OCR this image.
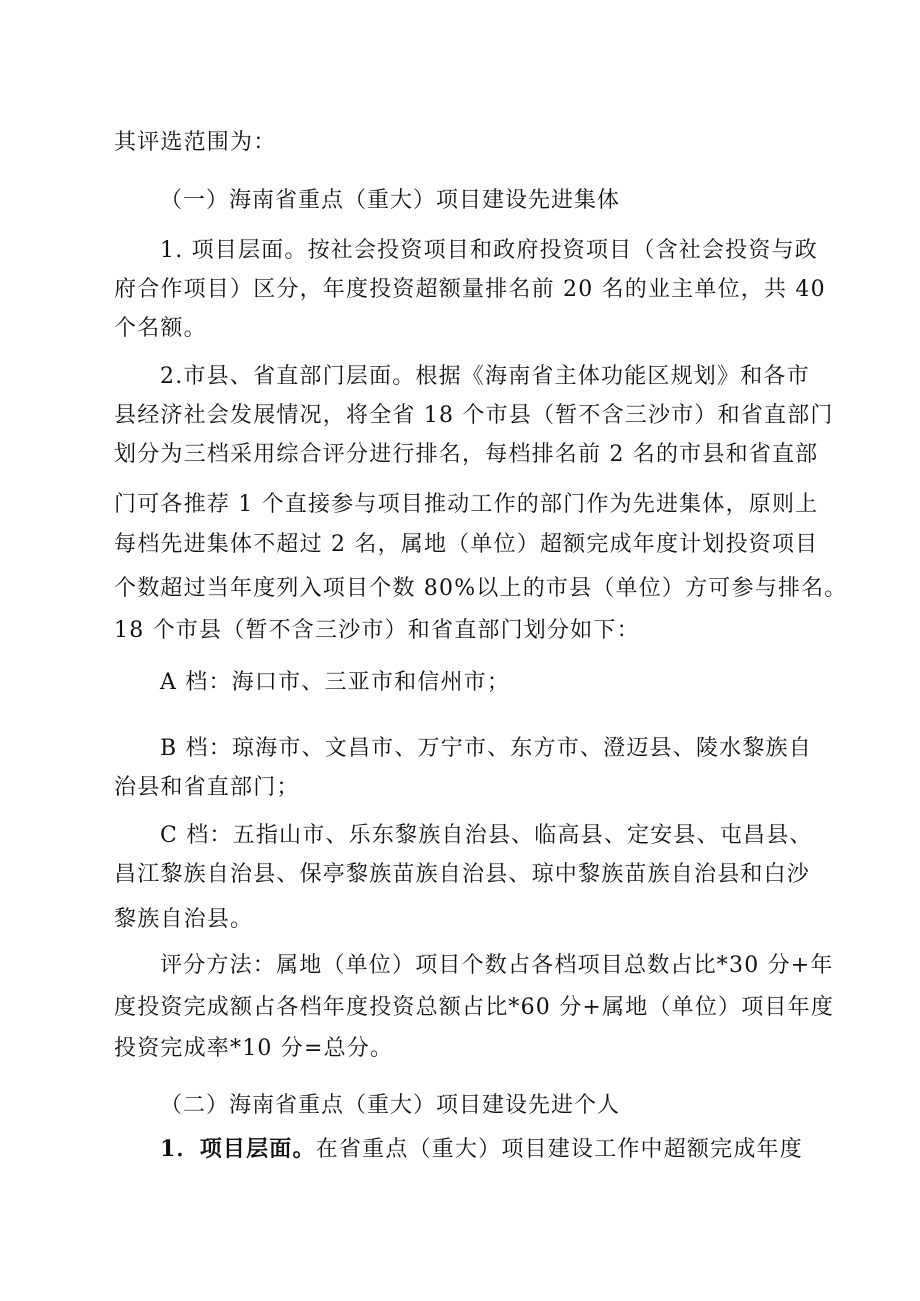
其评选范围为：
（一）海南省重点（重大）项目建设先进集体
1. 项目层面。按社会投资项目和政府投资项目（含社会投资与政
府合作项目）区分，年度投资超额量排名前 20 名的业主单位，共 40
个名额。
2.市县、省直部门层面。根据《海南省主体功能区规划》和各市
县经济社会发展情况，将全省 18 个市县（暂不含三沙市）和省直部门
划分为三档采用综合评分进行排名，每档排名前 2 名的市县和省直部
门可各推荐 1 个直接参与项目推动工作的部门作为先进集体，原则上
每档先进集体不超过 2 名，属地（单位）超额完成年度计划投资项目
个数超过当年度列入项目个数 80%以上的市县（单位）方可参与排名。
18 个市县（暂不含三沙市）和省直部门划分如下：
A 档：海口市、三亚市和信州市；
B 档：琼海市、文昌市、万宁市、东方市、澄迈县、陵水黎族自
治县和省直部门；
C 档：五指山市、乐东黎族自治县、临高县、定安县、屯昌县、
昌江黎族自治县、保亭黎族苗族自治县、琼中黎族苗族自治县和白沙
黎族自治县。
评分方法：属地（单位）项目个数占各档项目总数占比*30 分+年
度投资完成额占各档年度投资总额占比*60 分+属地（单位）项目年度
投资完成率*10 分=总分。
（二）海南省重点（重大）项目建设先进个人
1．项目层面。在省重点（重大）项目建设工作中超额完成年度
